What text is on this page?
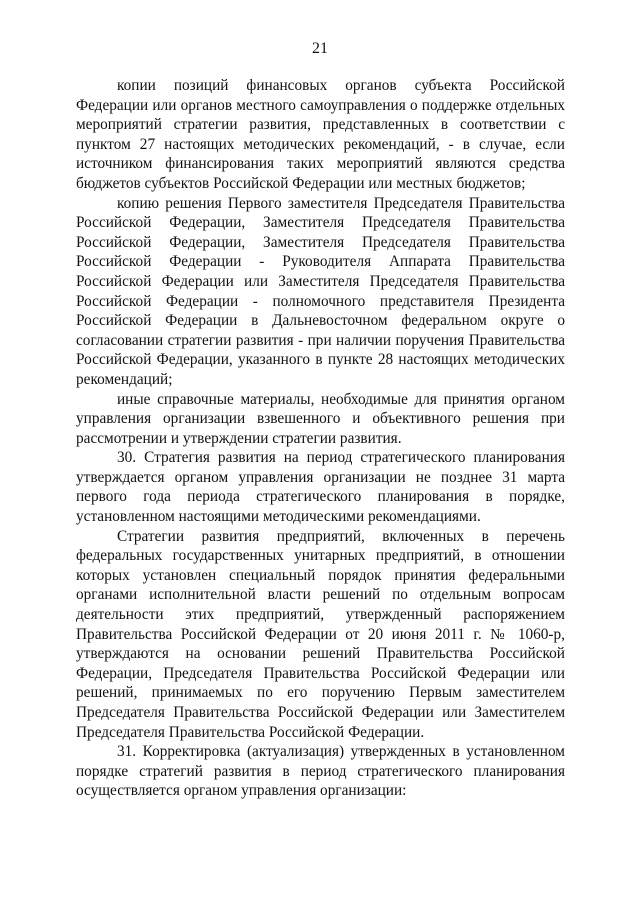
21

копии позиций финансовых органов субъекта Российской Федерации или органов местного самоуправления о поддержке отдельных мероприятий стратегии развития, представленных в соответствии с пунктом 27 настоящих методических рекомендаций, - в случае, если источником финансирования таких мероприятий являются средства бюджетов субъектов Российской Федерации или местных бюджетов;

копию решения Первого заместителя Председателя Правительства Российской Федерации, Заместителя Председателя Правительства Российской Федерации, Заместителя Председателя Правительства Российской Федерации - Руководителя Аппарата Правительства Российской Федерации или Заместителя Председателя Правительства Российской Федерации - полномочного представителя Президента Российской Федерации в Дальневосточном федеральном округе о согласовании стратегии развития - при наличии поручения Правительства Российской Федерации, указанного в пункте 28 настоящих методических рекомендаций;

иные справочные материалы, необходимые для принятия органом управления организации взвешенного и объективного решения при рассмотрении и утверждении стратегии развития.

30. Стратегия развития на период стратегического планирования утверждается органом управления организации не позднее 31 марта первого года периода стратегического планирования в порядке, установленном настоящими методическими рекомендациями.

Стратегии развития предприятий, включенных в перечень федеральных государственных унитарных предприятий, в отношении которых установлен специальный порядок принятия федеральными органами исполнительной власти решений по отдельным вопросам деятельности этих предприятий, утвержденный распоряжением Правительства Российской Федерации от 20 июня 2011 г. № 1060-р, утверждаются на основании решений Правительства Российской Федерации, Председателя Правительства Российской Федерации или решений, принимаемых по его поручению Первым заместителем Председателя Правительства Российской Федерации или Заместителем Председателя Правительства Российской Федерации.

31. Корректировка (актуализация) утвержденных в установленном порядке стратегий развития в период стратегического планирования осуществляется органом управления организации:
